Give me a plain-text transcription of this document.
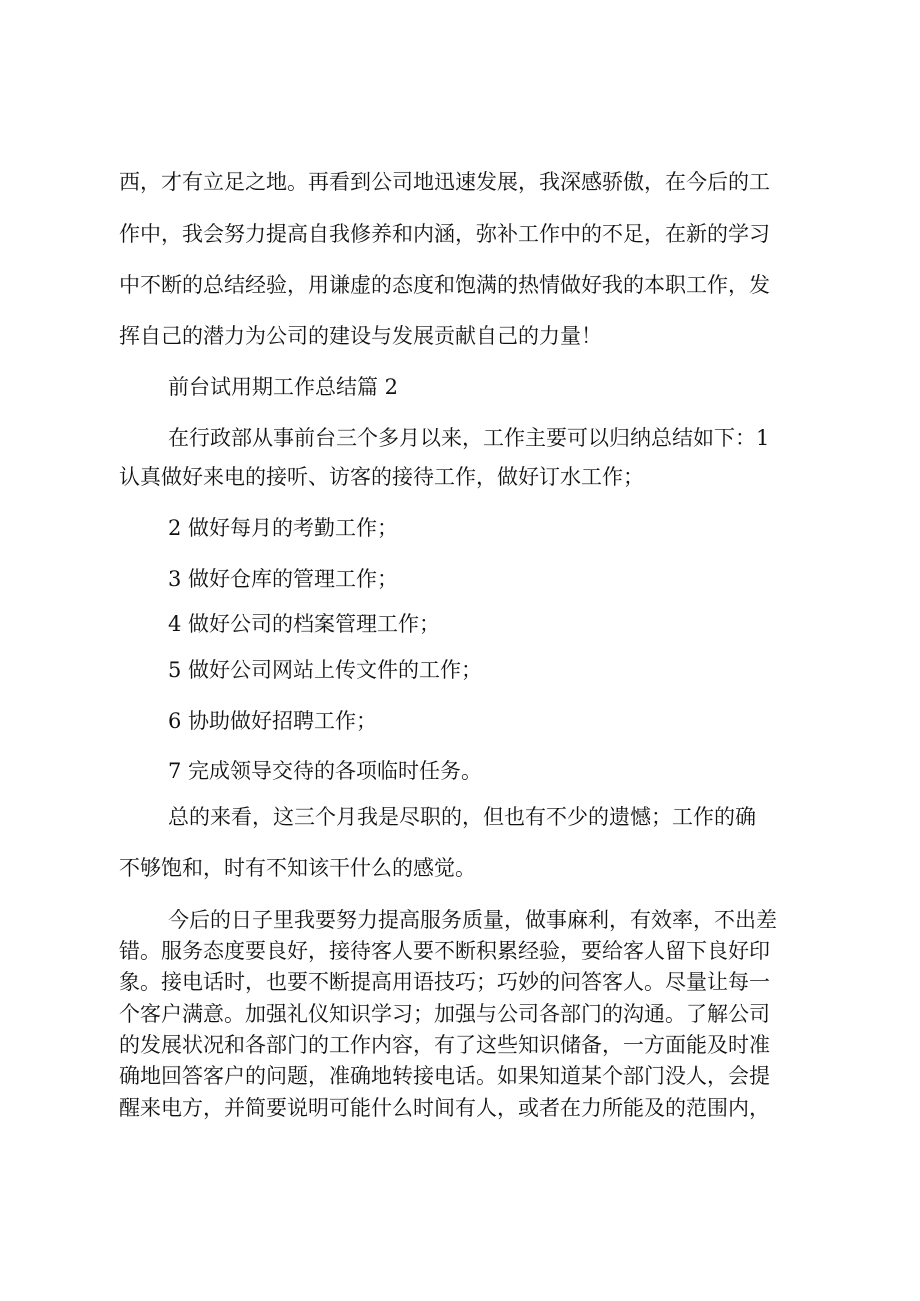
西，才有立足之地。再看到公司地迅速发展，我深感骄傲，在今后的工
作中，我会努力提高自我修养和内涵，弥补工作中的不足，在新的学习
中不断的总结经验，用谦虚的态度和饱满的热情做好我的本职工作，发
挥自己的潜力为公司的建设与发展贡献自己的力量！
前台试用期工作总结篇 2
在行政部从事前台三个多月以来，工作主要可以归纳总结如下：1
认真做好来电的接听、访客的接待工作，做好订水工作；
2 做好每月的考勤工作；
3 做好仓库的管理工作；
4 做好公司的档案管理工作；
5 做好公司网站上传文件的工作；
6 协助做好招聘工作；
7 完成领导交待的各项临时任务。
总的来看，这三个月我是尽职的，但也有不少的遗憾；工作的确
不够饱和，时有不知该干什么的感觉。
今后的日子里我要努力提高服务质量，做事麻利，有效率，不出差
错。服务态度要良好，接待客人要不断积累经验，要给客人留下良好印
象。接电话时，也要不断提高用语技巧；巧妙的问答客人。尽量让每一
个客户满意。加强礼仪知识学习；加强与公司各部门的沟通。了解公司
的发展状况和各部门的工作内容，有了这些知识储备，一方面能及时准
确地回答客户的问题，准确地转接电话。如果知道某个部门没人，会提
醒来电方，并简要说明可能什么时间有人，或者在力所能及的范围内，
